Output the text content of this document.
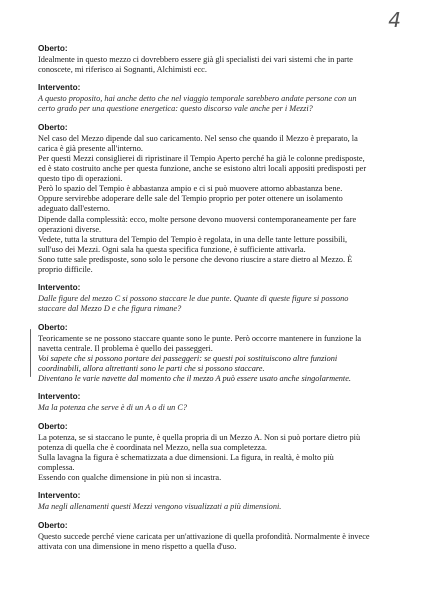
4
Oberto:
Idealmente in questo mezzo ci dovrebbero essere già gli specialisti dei vari sistemi che in parte
conoscete, mi riferisco ai Sognanti, Alchimisti ecc.
Intervento:
A questo proposito, hai anche detto che nel viaggio temporale sarebbero andate persone con un
certo grado per una questione energetica: questo discorso vale anche per i Mezzi?
Oberto:
Nel caso del Mezzo dipende dal suo caricamento. Nel senso che quando il Mezzo è preparato, la
carica è già presente all'interno.
Per questi Mezzi consiglierei di ripristinare il Tempio Aperto perché ha già le colonne predisposte,
ed è stato costruito anche per questa funzione, anche se esistono altri locali appositi predisposti per
questo tipo di operazioni.
Però lo spazio del Tempio è abbastanza ampio e ci si può muovere attorno abbastanza bene.
Oppure servirebbe adoperare delle sale del Tempio proprio per poter ottenere un isolamento
adeguato dall'esterno.
Dipende dalla complessità: ecco, molte persone devono muoversi contemporaneamente per fare
operazioni diverse.
Vedete, tutta la struttura del Tempio del Tempio è regolata, in una delle tante letture possibili,
sull'uso dei Mezzi. Ogni sala ha questa specifica funzione, è sufficiente attivarla.
Sono tutte sale predisposte, sono solo le persone che devono riuscire a stare dietro al Mezzo. È
proprio difficile.
Intervento:
Dalle figure del mezzo C si possono staccare le due punte. Quante di queste figure si possono
staccare dal Mezzo D e che figura rimane?
Oberto:
Teoricamente se ne possono staccare quante sono le punte. Però occorre mantenere in funzione la
navetta centrale. Il problema è quello dei passeggeri.
Voi sapete che si possono portare dei passeggeri: se questi poi sostituiscono altre funzioni
coordinabili, allora altrettanti sono le parti che si possono staccare.
Diventano le varie navette dal momento che il mezzo A può essere usato anche singolarmente.
Intervento:
Ma la potenza che serve è di un A o di un C?
Oberto:
La potenza, se si staccano le punte, è quella propria di un Mezzo A. Non si può portare dietro più
potenza di quella che è coordinata nel Mezzo, nella sua completezza.
Sulla lavagna la figura è schematizzata a due dimensioni. La figura, in realtà, è molto più
complessa.
Essendo con qualche dimensione in più non si incastra.
Intervento:
Ma negli allenamenti questi Mezzi vengono visualizzati a più dimensioni.
Oberto:
Questo succede perché viene caricata per un'attivazione di quella profondità. Normalmente è invece
attivata con una dimensione in meno rispetto a quella d'uso.
